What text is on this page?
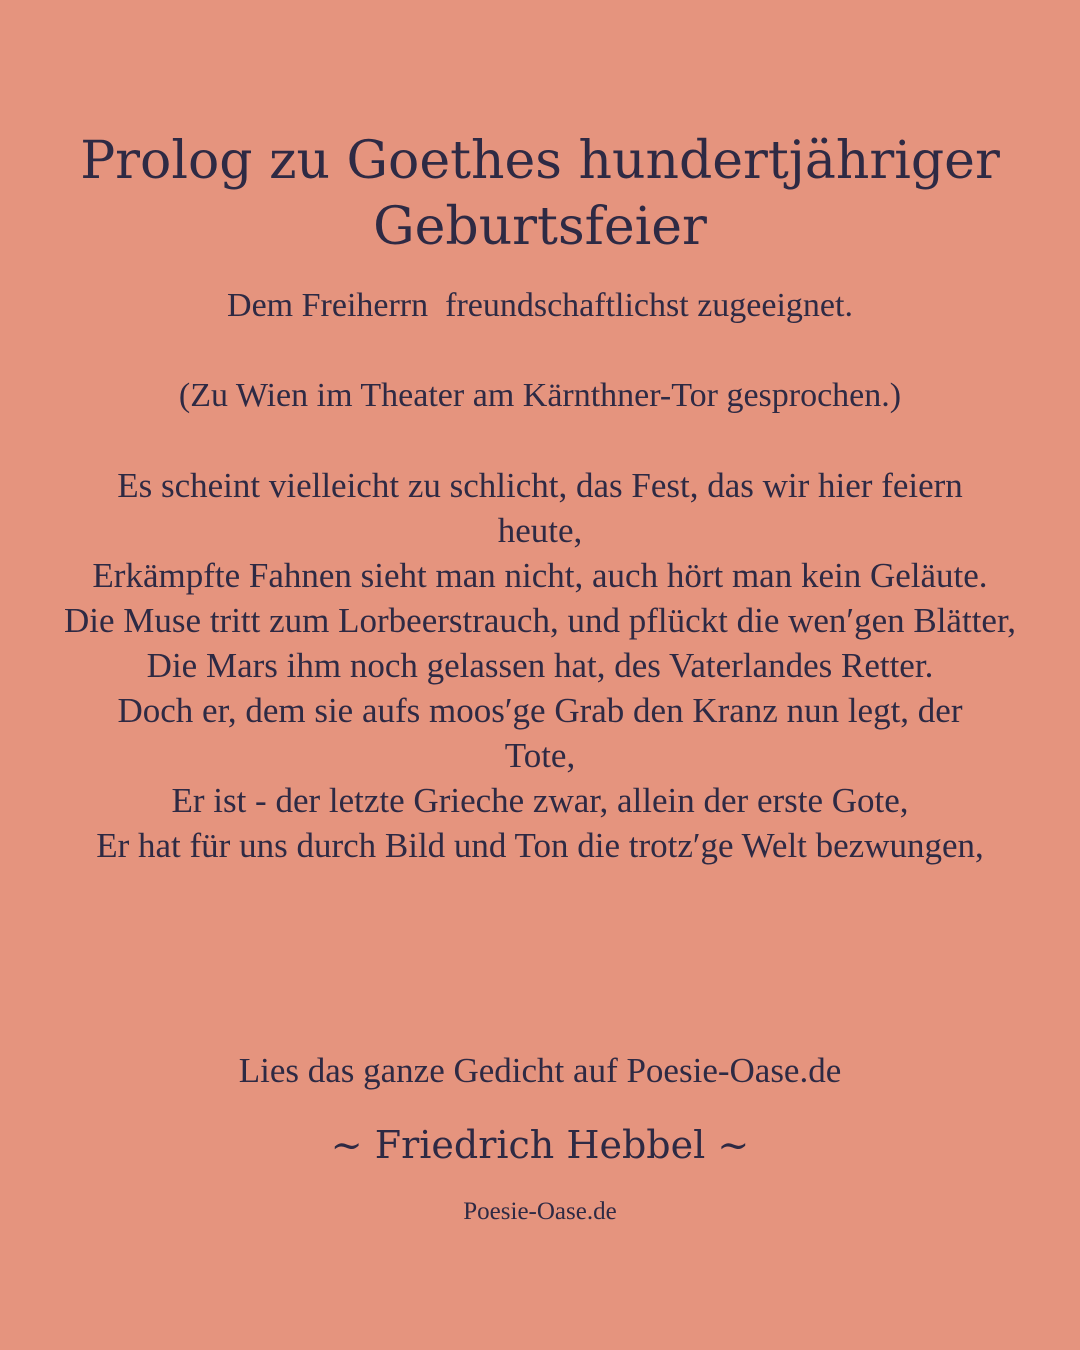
Prolog zu Goethes hundertjähriger Geburtsfeier

Dem Freiherrn  freundschaftlichst zugeeignet.

(Zu Wien im Theater am Kärnthner-Tor gesprochen.)

Es scheint vielleicht zu schlicht, das Fest, das wir hier feiern heute,
Erkämpfte Fahnen sieht man nicht, auch hört man kein Geläute.
Die Muse tritt zum Lorbeerstrauch, und pflückt die wen′gen Blätter,
Die Mars ihm noch gelassen hat, des Vaterlandes Retter.
Doch er, dem sie aufs moos′ge Grab den Kranz nun legt, der Tote,
Er ist - der letzte Grieche zwar, allein der erste Gote,
Er hat für uns durch Bild und Ton die trotz′ge Welt bezwungen,

Lies das ganze Gedicht auf Poesie-Oase.de

~ Friedrich Hebbel ~

Poesie-Oase.de
